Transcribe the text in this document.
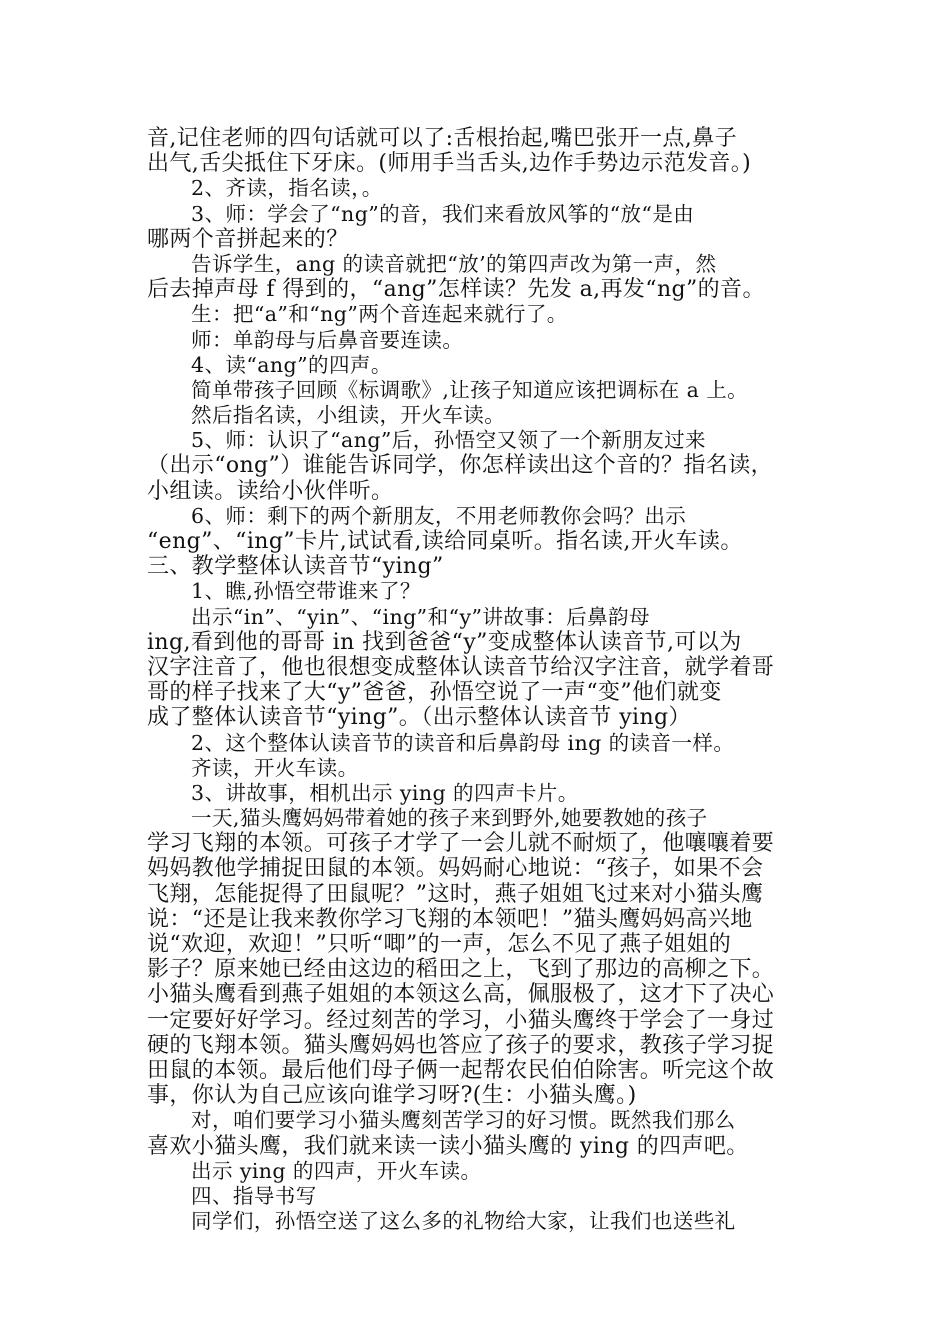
音,记住老师的四句话就可以了:舌根抬起,嘴巴张开一点,鼻子
出气,舌尖抵住下牙床。(师用手当舌头,边作手势边示范发音。)
2、齐读，指名读，。
3、师：学会了“ng”的音，我们来看放风筝的“放“是由
哪两个音拼起来的？
告诉学生，ang 的读音就把“放’的第四声改为第一声，然
后去掉声母 f 得到的，“ang”怎样读？先发 a,再发“ng”的音。
生：把“a”和“ng”两个音连起来就行了。
师：单韵母与后鼻音要连读。
4、读“ang”的四声。
简单带孩子回顾《标调歌》,让孩子知道应该把调标在 a 上。
然后指名读，小组读，开火车读。
5、师：认识了“ang”后，孙悟空又领了一个新朋友过来
（出示“ong”）谁能告诉同学，你怎样读出这个音的？指名读，
小组读。读给小伙伴听。
6、师：剩下的两个新朋友，不用老师教你会吗？出示
“eng”、“ing”卡片,试试看,读给同桌听。指名读,开火车读。
三、教学整体认读音节“ying”
1、瞧,孙悟空带谁来了？
出示“in”、“yin”、“ing”和“y”讲故事：后鼻韵母
ing,看到他的哥哥 in 找到爸爸“y”变成整体认读音节,可以为
汉字注音了，他也很想变成整体认读音节给汉字注音，就学着哥
哥的样子找来了大“y”爸爸，孙悟空说了一声“变”他们就变
成了整体认读音节“ying”。（出示整体认读音节 ying）
2、这个整体认读音节的读音和后鼻韵母 ing 的读音一样。
齐读，开火车读。
3、讲故事，相机出示 ying 的四声卡片。
一天,猫头鹰妈妈带着她的孩子来到野外,她要教她的孩子
学习飞翔的本领。可孩子才学了一会儿就不耐烦了，他嚷嚷着要
妈妈教他学捕捉田鼠的本领。妈妈耐心地说：“孩子，如果不会
飞翔，怎能捉得了田鼠呢？”这时，燕子姐姐飞过来对小猫头鹰
说：“还是让我来教你学习飞翔的本领吧！”猫头鹰妈妈高兴地
说“欢迎，欢迎！”只听“唧”的一声，怎么不见了燕子姐姐的
影子？原来她已经由这边的稻田之上，飞到了那边的高柳之下。
小猫头鹰看到燕子姐姐的本领这么高，佩服极了，这才下了决心
一定要好好学习。经过刻苦的学习，小猫头鹰终于学会了一身过
硬的飞翔本领。猫头鹰妈妈也答应了孩子的要求，教孩子学习捉
田鼠的本领。最后他们母子俩一起帮农民伯伯除害。听完这个故
事，你认为自己应该向谁学习呀?(生：小猫头鹰。)
对，咱们要学习小猫头鹰刻苦学习的好习惯。既然我们那么
喜欢小猫头鹰，我们就来读一读小猫头鹰的 ying 的四声吧。
出示 ying 的四声，开火车读。
四、指导书写
同学们，孙悟空送了这么多的礼物给大家，让我们也送些礼
